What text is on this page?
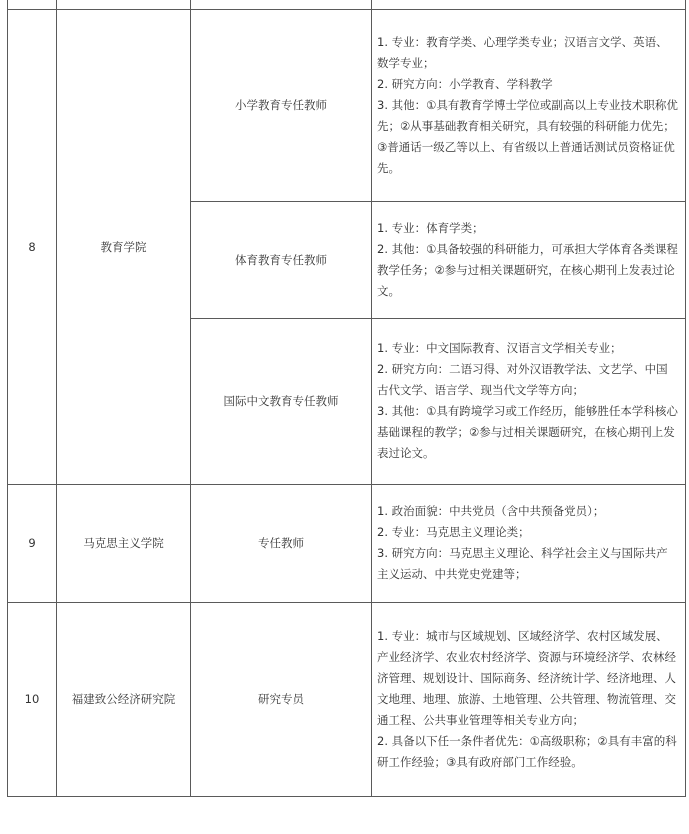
8	教育学院	小学教育专任教师	1. 专业：教育学类、心理学类专业；汉语言文学、英语、数学专业；

2. 研究方向：小学教育、学科教学

3. 其他：①具有教育学博士学位或副高以上专业技术职称优先；②从事基础教育相关研究，具有较强的科研能力优先；③普通话一级乙等以上、有省级以上普通话测试员资格证优先。

		体育教育专任教师	1. 专业：体育学类；

2. 其他：①具备较强的科研能力，可承担大学体育各类课程教学任务；②参与过相关课题研究，在核心期刊上发表过论文。

		国际中文教育专任教师	1. 专业：中文国际教育、汉语言文学相关专业；

2. 研究方向：二语习得、对外汉语教学法、文艺学、中国古代文学、语言学、现当代文学等方向；

3. 其他：①具有跨境学习或工作经历，能够胜任本学科核心基础课程的教学；②参与过相关课题研究，在核心期刊上发表过论文。

9	马克思主义学院	专任教师	1. 政治面貌：中共党员（含中共预备党员）；

2. 专业：马克思主义理论类；

3. 研究方向：马克思主义理论、科学社会主义与国际共产主义运动、中共党史党建等；

10	福建致公经济研究院	研究专员	1. 专业：城市与区域规划、区域经济学、农村区域发展、产业经济学、农业农村经济学、资源与环境经济学、农林经济管理、规划设计、国际商务、经济统计学、经济地理、人文地理、地理、旅游、土地管理、公共管理、物流管理、交通工程、公共事业管理等相关专业方向；

2. 具备以下任一条件者优先：①高级职称；②具有丰富的科研工作经验；③具有政府部门工作经验。
